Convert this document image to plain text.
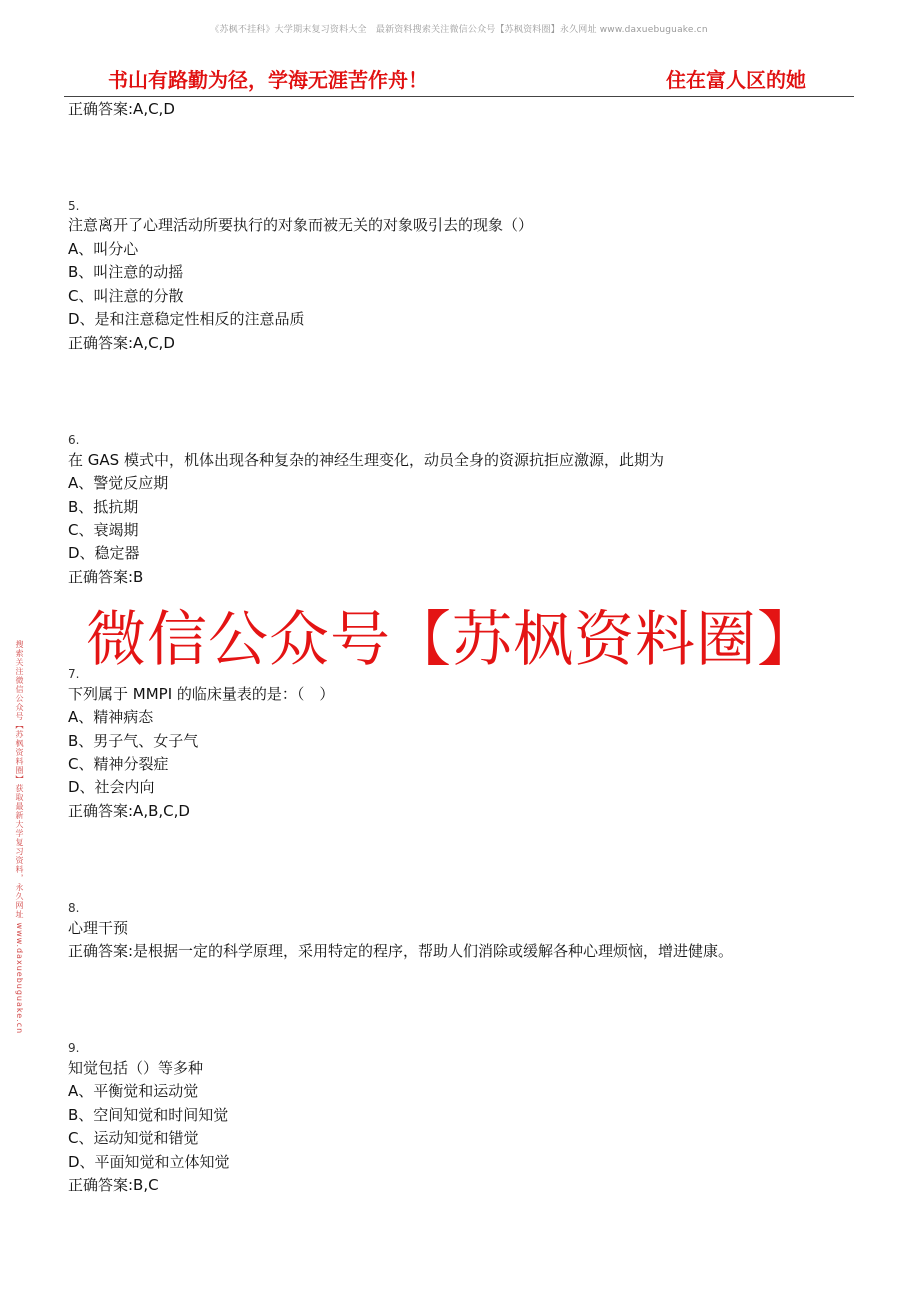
《苏枫不挂科》大学期末复习资料大全　最新资料搜索关注微信公众号【苏枫资料圈】永久网址 www.daxuebuguake.cn
书山有路勤为径，学海无涯苦作舟！	住在富人区的她
正确答案:A,C,D
5.
注意离开了心理活动所要执行的对象而被无关的对象吸引去的现象（）
A、叫分心
B、叫注意的动摇
C、叫注意的分散
D、是和注意稳定性相反的注意品质
正确答案:A,C,D
6.
在 GAS 模式中，机体出现各种复杂的神经生理变化，动员全身的资源抗拒应激源，此期为
A、警觉反应期
B、抵抗期
C、衰竭期
D、稳定器
正确答案:B
微信公众号【苏枫资料圈】
7.
下列属于 MMPI 的临床量表的是：（　）
A、精神病态
B、男子气、女子气
C、精神分裂症
D、社会内向
正确答案:A,B,C,D
8.
心理干预
正确答案:是根据一定的科学原理，采用特定的程序，帮助人们消除或缓解各种心理烦恼，增进健康。
9.
知觉包括（）等多种
A、平衡觉和运动觉
B、空间知觉和时间知觉
C、运动知觉和错觉
D、平面知觉和立体知觉
正确答案:B,C
搜索关注微信公众号【苏枫资料圈】获取最新大学复习资料，永久网址 www.daxuebuguake.cn
